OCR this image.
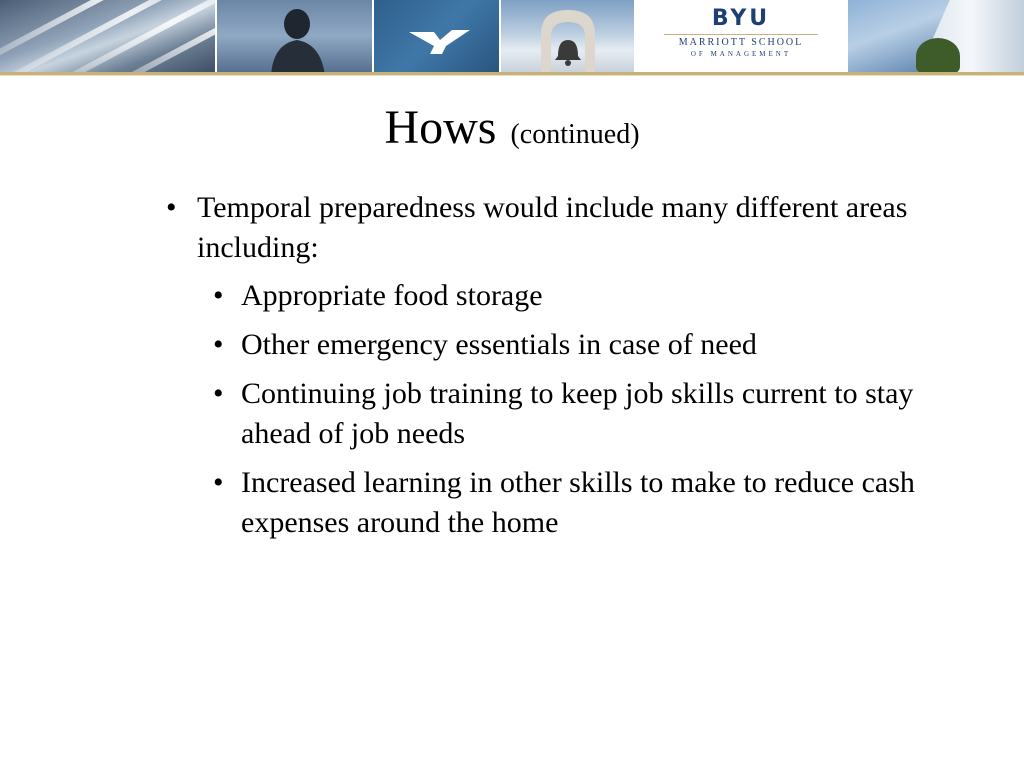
BYU
MARRIOTT SCHOOL
OF MANAGEMENT
Hows (continued)
• Temporal preparedness would include many different areas including:
• Appropriate food storage
• Other emergency essentials in case of need
• Continuing job training to keep job skills current to stay ahead of job needs
• Increased learning in other skills to make to reduce cash expenses around the home
